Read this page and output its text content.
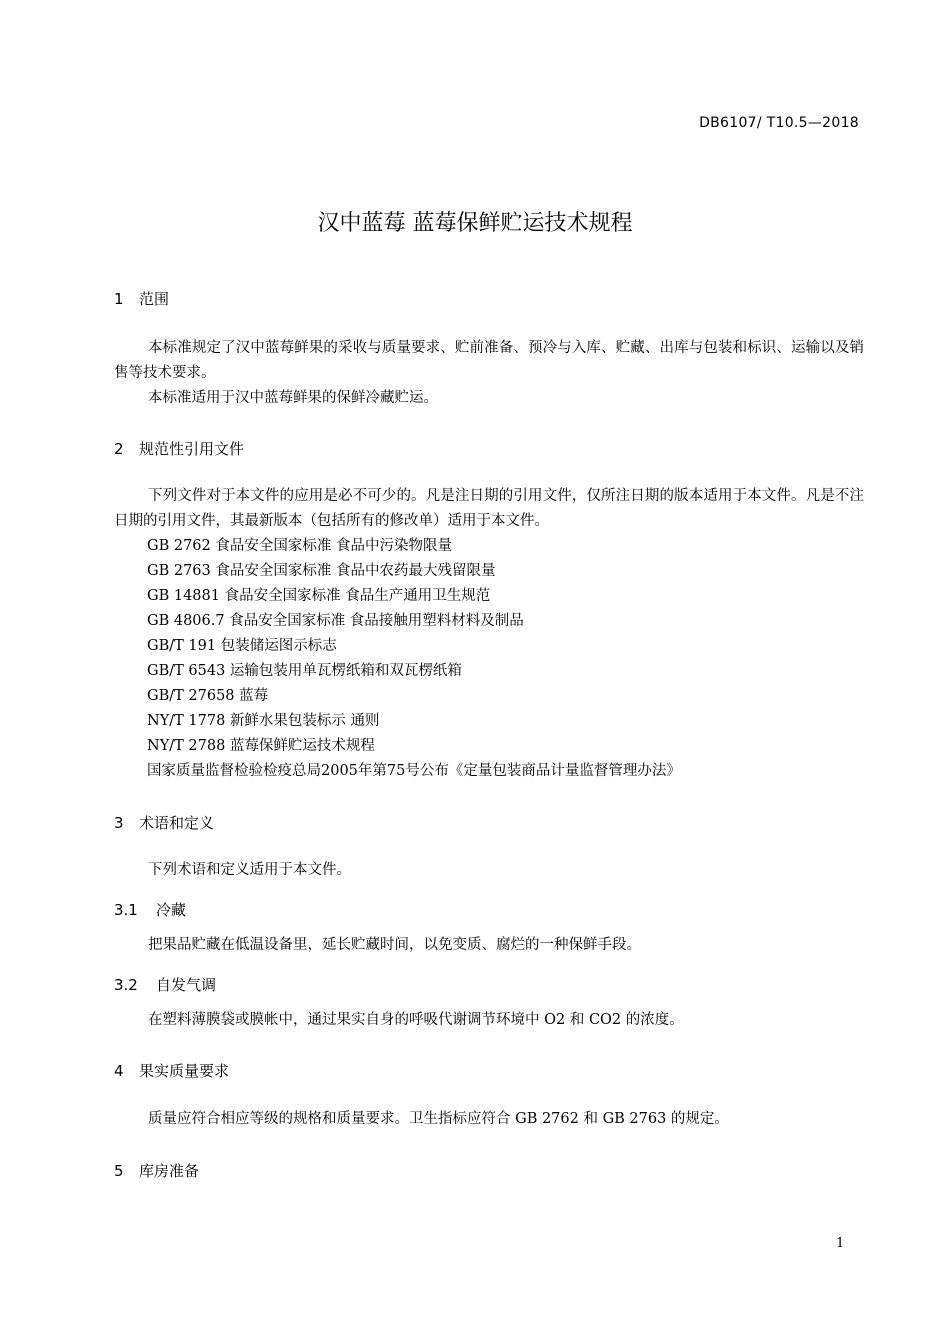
DB6107/ T10.5—2018
汉中蓝莓 蓝莓保鲜贮运技术规程
1 范围
本标准规定了汉中蓝莓鲜果的采收与质量要求、贮前准备、预冷与入库、贮藏、出库与包装和标识、运输以及销售等技术要求。
本标准适用于汉中蓝莓鲜果的保鲜冷藏贮运。
2 规范性引用文件
下列文件对于本文件的应用是必不可少的。凡是注日期的引用文件，仅所注日期的版本适用于本文件。凡是不注日期的引用文件，其最新版本（包括所有的修改单）适用于本文件。
GB 2762 食品安全国家标准 食品中污染物限量
GB 2763 食品安全国家标准 食品中农药最大残留限量
GB 14881 食品安全国家标准 食品生产通用卫生规范
GB 4806.7 食品安全国家标准 食品接触用塑料材料及制品
GB/T 191 包装储运图示标志
GB/T 6543 运输包装用单瓦楞纸箱和双瓦楞纸箱
GB/T 27658 蓝莓
NY/T 1778 新鲜水果包装标示 通则
NY/T 2788 蓝莓保鲜贮运技术规程
国家质量监督检验检疫总局2005年第75号公布《定量包装商品计量监督管理办法》
3 术语和定义
下列术语和定义适用于本文件。
3.1 冷藏
把果品贮藏在低温设备里，延长贮藏时间，以免变质、腐烂的一种保鲜手段。
3.2 自发气调
在塑料薄膜袋或膜帐中，通过果实自身的呼吸代谢调节环境中 O2 和 CO2 的浓度。
4 果实质量要求
质量应符合相应等级的规格和质量要求。卫生指标应符合 GB 2762 和 GB 2763 的规定。
5 库房准备
1
